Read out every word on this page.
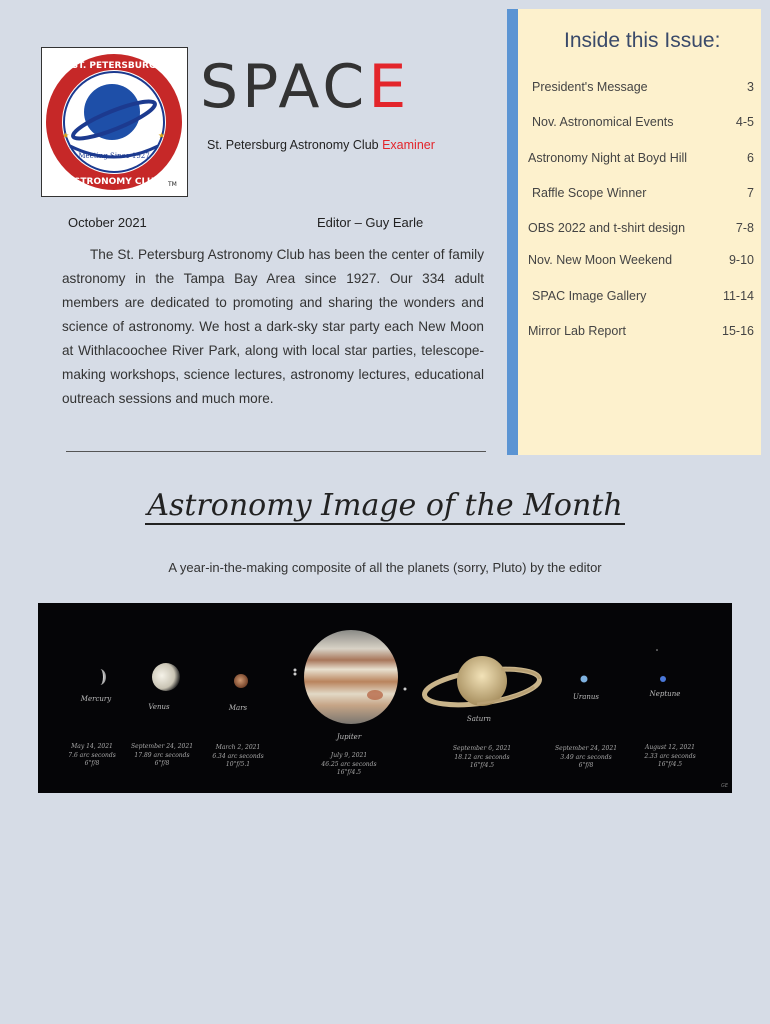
ST. PETERSBURG
ASTRONOMY CLUB
Meeting Since 1927
TM
★	★
SPACE
St. Petersburg Astronomy Club Examiner
October 2021	Editor – Guy Earle
The St. Petersburg Astronomy Club has been the center of family astronomy in the Tampa Bay Area since 1927. Our 334 adult members are dedicated to promoting and sharing the wonders and science of astronomy. We host a dark-sky star party each New Moon at Withlacoochee River Park, along with local star parties, telescope-making workshops, science lectures, astronomy lectures, educational outreach sessions and much more.
Inside this Issue:
President's Message	3
Nov. Astronomical Events	4-5
Astronomy Night at Boyd Hill	6
Raffle Scope Winner	7
OBS 2022 and t-shirt design	7-8
Nov. New Moon Weekend	9-10
SPAC Image Gallery	11-14
Mirror Lab Report	15-16
Astronomy Image of the Month
A year-in-the-making composite of all the planets (sorry, Pluto) by the editor
Mercury
Venus	Mars
Jupiter
Saturn
Uranus	Neptune
May 14, 2021
7.6 arc seconds
6"f/8
September 24, 2021
17.89 arc seconds
6"f/8
March 2, 2021
6.34 arc seconds
10"f/5.1
July 9, 2021
46.25 arc seconds
16"f/4.5
September 6, 2021
18.12 arc seconds
16"f/4.5
September 24, 2021
3.49 arc seconds
6"f/8
August 12, 2021
2.33 arc seconds
16"f/4.5
GE
